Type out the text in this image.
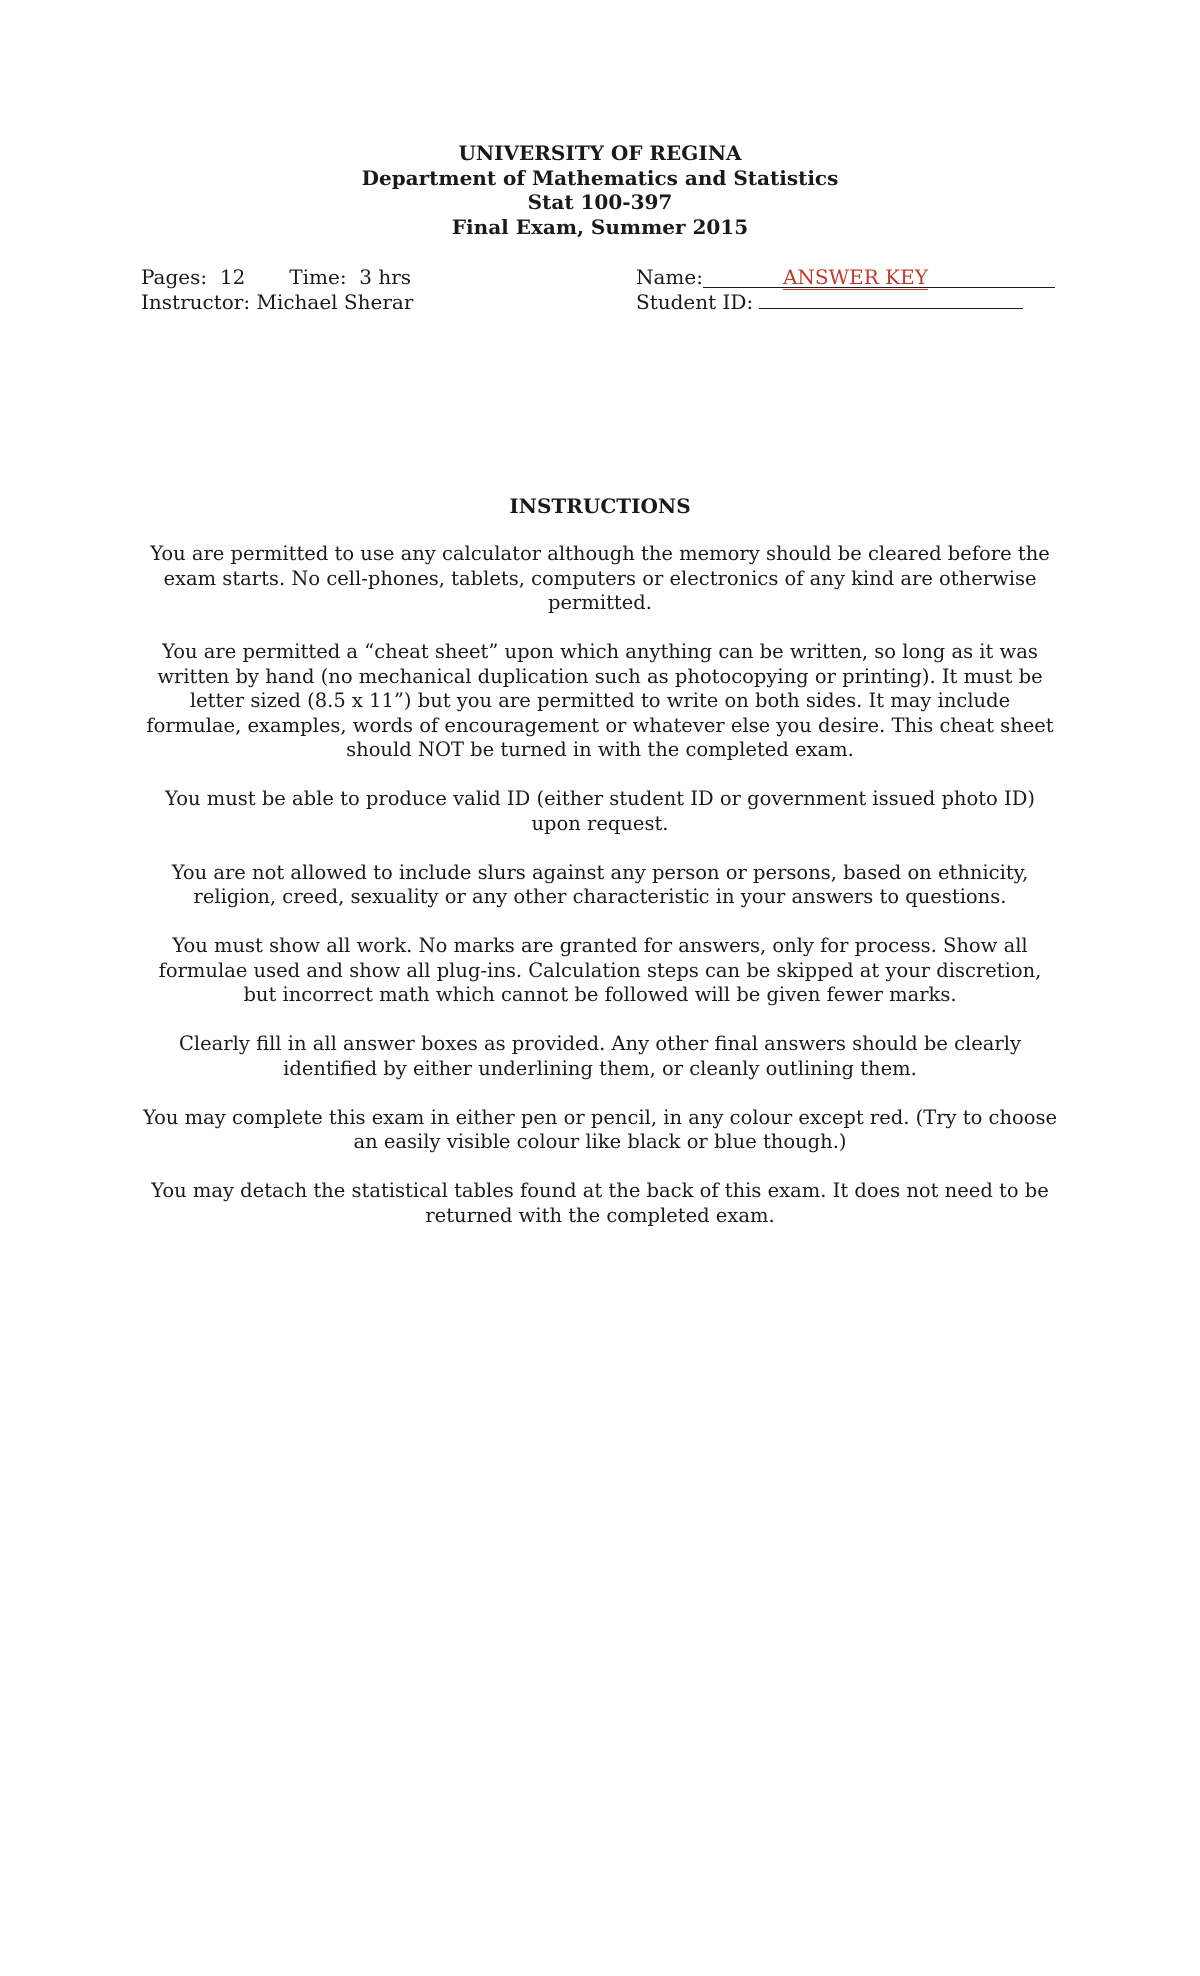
UNIVERSITY OF REGINA
Department of Mathematics and Statistics
Stat 100-397
Final Exam, Summer 2015
Pages:  12 Time:  3 hrs
Instructor: Michael Sherar
Name:	ANSWER KEY
Student ID:
INSTRUCTIONS

You are permitted to use any calculator although the memory should be cleared before the exam starts. No cell-phones, tablets, computers or electronics of any kind are otherwise permitted.

You are permitted a “cheat sheet” upon which anything can be written, so long as it was written by hand (no mechanical duplication such as photocopying or printing). It must be letter sized (8.5 x 11”) but you are permitted to write on both sides. It may include formulae, examples, words of encouragement or whatever else you desire. This cheat sheet should NOT be turned in with the completed exam.

You must be able to produce valid ID (either student ID or government issued photo ID) upon request.

You are not allowed to include slurs against any person or persons, based on ethnicity, religion, creed, sexuality or any other characteristic in your answers to questions.

You must show all work. No marks are granted for answers, only for process. Show all formulae used and show all plug-ins. Calculation steps can be skipped at your discretion, but incorrect math which cannot be followed will be given fewer marks.

Clearly fill in all answer boxes as provided. Any other final answers should be clearly identified by either underlining them, or cleanly outlining them.

You may complete this exam in either pen or pencil, in any colour except red. (Try to choose an easily visible colour like black or blue though.)

You may detach the statistical tables found at the back of this exam. It does not need to be returned with the completed exam.
